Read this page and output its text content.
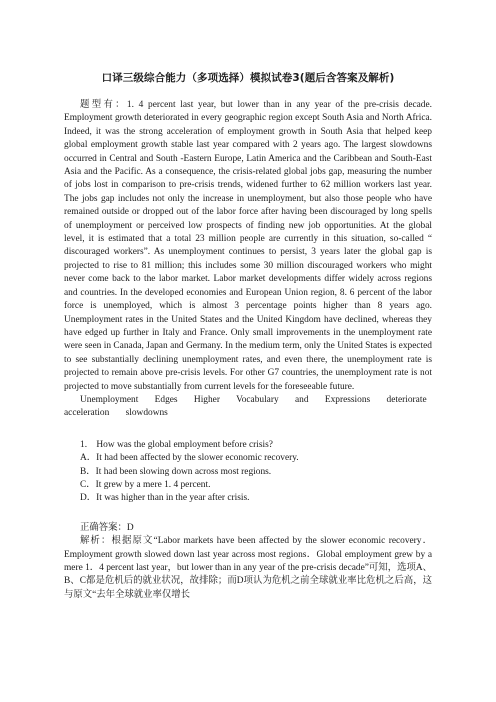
口译三级综合能力（多项选择）模拟试卷3(题后含答案及解析)

题型有：1. 4 percent last year, but lower than in any year of the pre-crisis decade. Employment growth deteriorated in every geographic region except South Asia and North Africa. Indeed, it was the strong acceleration of employment growth in South Asia that helped keep global employment growth stable last year compared with 2 years ago. The largest slowdowns occurred in Central and South -Eastern Europe, Latin America and the Caribbean and South-East Asia and the Pacific. As a consequence, the crisis-related global jobs gap, measuring the number of jobs lost in comparison to pre-crisis trends, widened further to 62 million workers last year. The jobs gap includes not only the increase in unemployment, but also those people who have remained outside or dropped out of the labor force after having been discouraged by long spells of unemployment or perceived low prospects of finding new job opportunities. At the global level, it is estimated that a total 23 million people are currently in this situation, so-called “ discouraged workers”. As unemployment continues to persist, 3 years later the global gap is projected to rise to 81 million; this includes some 30 million discouraged workers who might never come back to the labor market. Labor market developments differ widely across regions and countries. In the developed economies and European Union region, 8. 6 percent of the labor force is unemployed, which is almost 3 percentage points higher than 8 years ago. Unemployment rates in the United States and the United Kingdom have declined, whereas they have edged up further in Italy and France. Only small improvements in the unemployment rate were seen in Canada, Japan and Germany. In the medium term, only the United States is expected to see substantially declining unemployment rates, and even there, the unemployment rate is projected to remain above pre-crisis levels. For other G7 countries, the unemployment rate is not projected to move substantially from current levels for the foreseeable future.

Unemployment Edges Higher Vocabulary and Expressions deteriorate acceleration slowdowns

1.　How was the global employment before crisis?

A．It had been affected by the slower economic recovery.
B．It had been slowing down across most regions.
C．It grew by a mere 1. 4 percent.
D．It was higher than in the year after crisis.

正确答案：D

解析：根据原文“Labor markets have been affected by the slower economic recovery．Employment growth slowed down last year across most regions．Global employment grew by a mere 1．4 percent last year，but lower than in any year of the pre-crisis decade”可知，选项A、B、C都是危机后的就业状况，故排除；而D项认为危机之前全球就业率比危机之后高，这与原文“去年全球就业率仅增长
